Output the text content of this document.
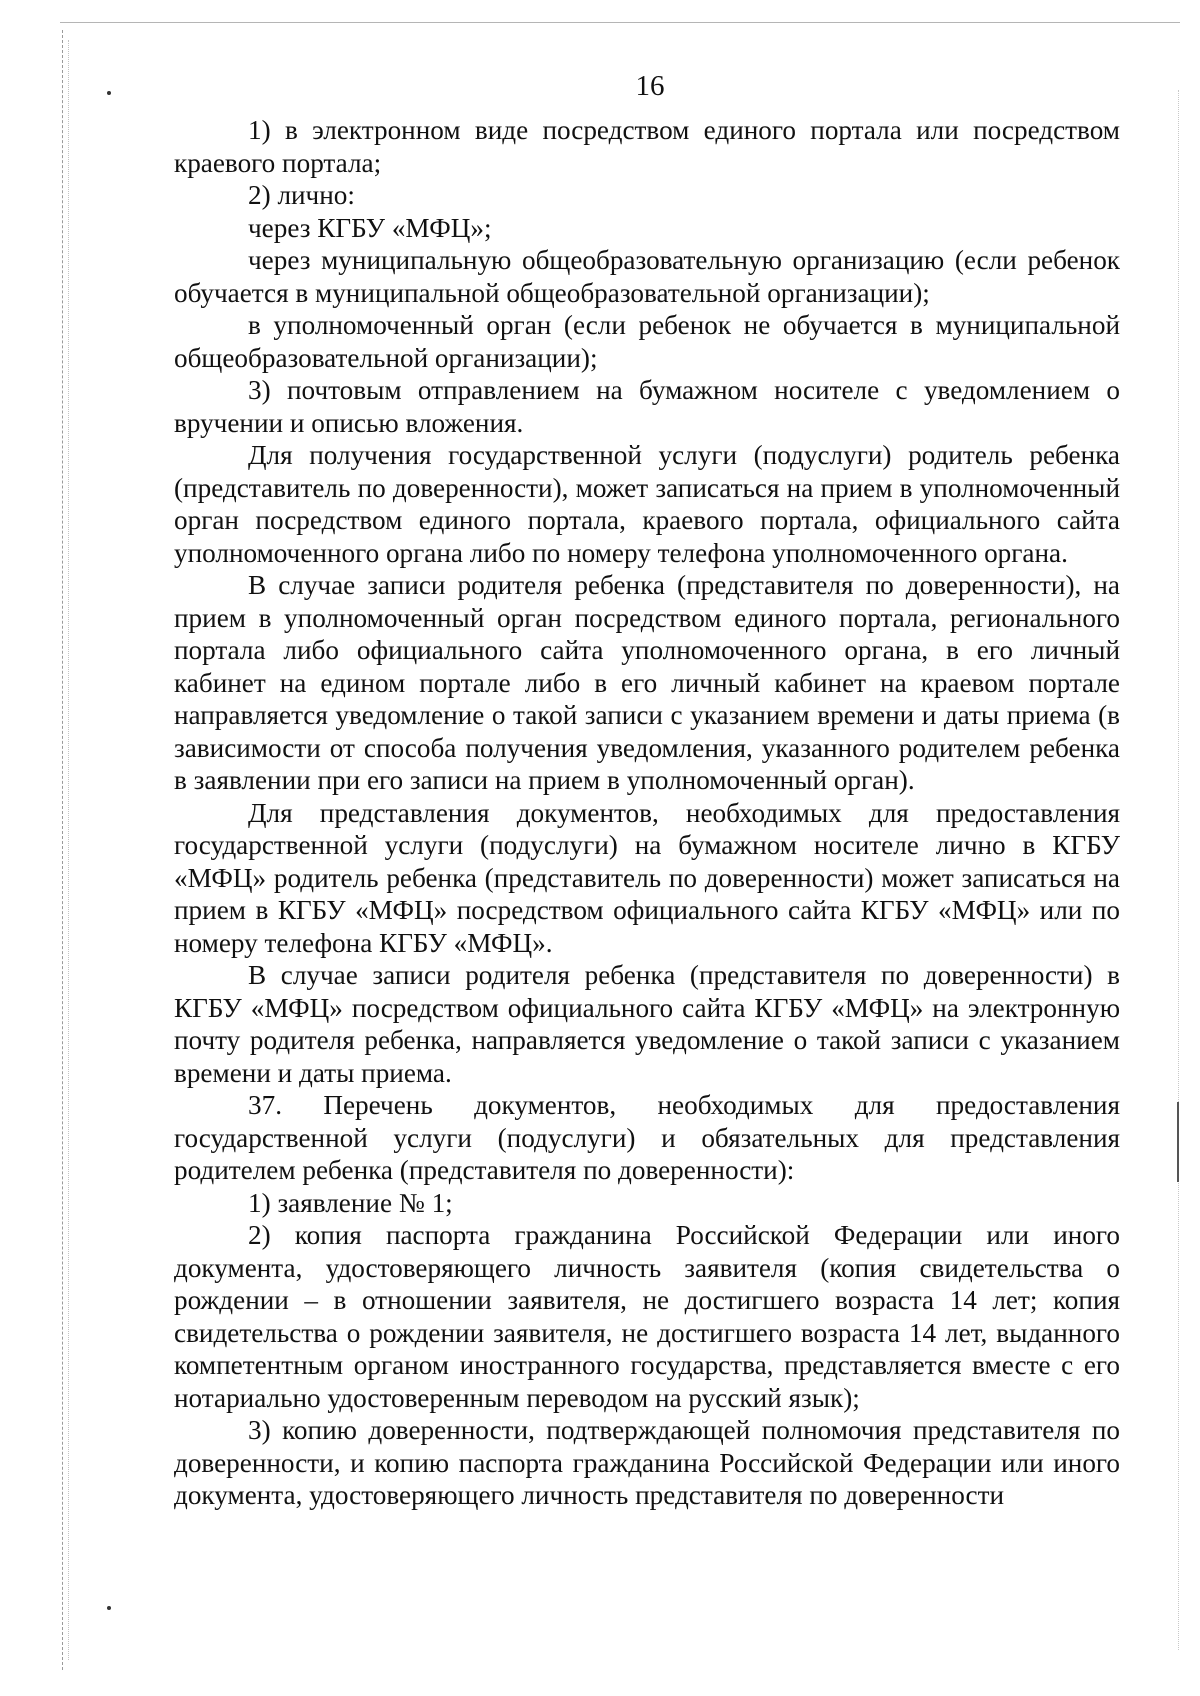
16

1) в электронном виде посредством единого портала или посредством краевого портала;

2) лично:

через КГБУ «МФЦ»;

через муниципальную общеобразовательную организацию (если ребенок обучается в муниципальной общеобразовательной организации);

в уполномоченный орган (если ребенок не обучается в муниципальной общеобразовательной организации);

3) почтовым отправлением на бумажном носителе с уведомлением о вручении и описью вложения.

Для получения государственной услуги (подуслуги) родитель ребенка (представитель по доверенности), может записаться на прием в уполномоченный орган посредством единого портала, краевого портала, официального сайта уполномоченного органа либо по номеру телефона уполномоченного органа.

В случае записи родителя ребенка (представителя по доверенности), на прием в уполномоченный орган посредством единого портала, регионального портала либо официального сайта уполномоченного органа, в его личный кабинет на едином портале либо в его личный кабинет на краевом портале направляется уведомление о такой записи с указанием времени и даты приема (в зависимости от способа получения уведомления, указанного родителем ребенка в заявлении при его записи на прием в уполномоченный орган).

Для представления документов, необходимых для предоставления государственной услуги (подуслуги) на бумажном носителе лично в КГБУ «МФЦ» родитель ребенка (представитель по доверенности) может записаться на прием в КГБУ «МФЦ» посредством официального сайта КГБУ «МФЦ» или по номеру телефона КГБУ «МФЦ».

В случае записи родителя ребенка (представителя по доверенности) в КГБУ «МФЦ» посредством официального сайта КГБУ «МФЦ» на электронную почту родителя ребенка, направляется уведомление о такой записи с указанием времени и даты приема.

37. Перечень документов, необходимых для предоставления государственной услуги (подуслуги) и обязательных для представления родителем ребенка (представителя по доверенности):

1) заявление № 1;

2) копия паспорта гражданина Российской Федерации или иного документа, удостоверяющего личность заявителя (копия свидетельства о рождении – в отношении заявителя, не достигшего возраста 14 лет; копия свидетельства о рождении заявителя, не достигшего возраста 14 лет, выданного компетентным органом иностранного государства, представляется вместе с его нотариально удостоверенным переводом на русский язык);

3) копию доверенности, подтверждающей полномочия представителя по доверенности, и копию паспорта гражданина Российской Федерации или иного документа, удостоверяющего личность представителя по доверенности
